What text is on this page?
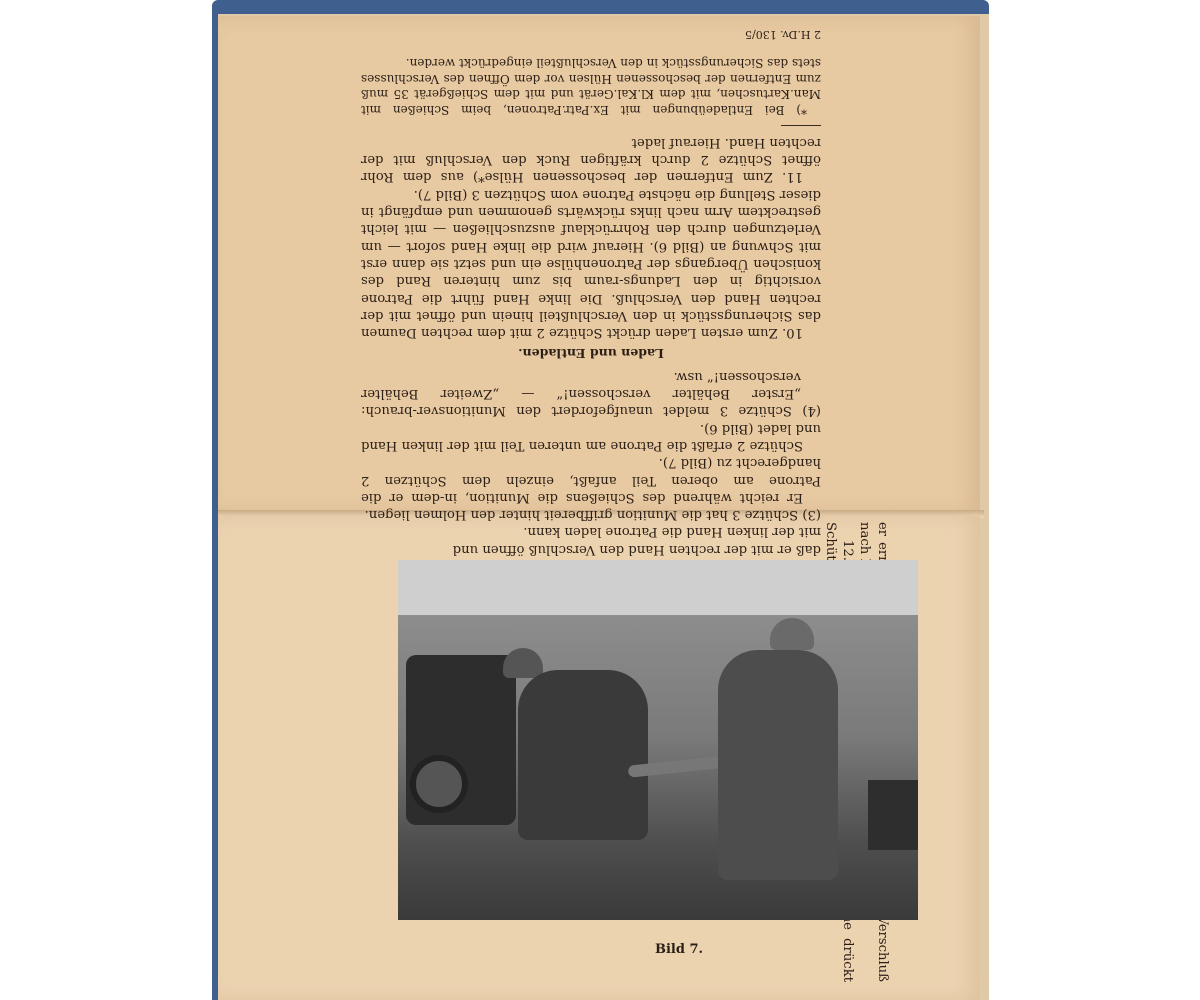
daß er mit der rechten Hand den Verschluß öffnen und

mit der linken Hand die Patrone laden kann.

(3) Schütze 3 hat die Munition griffbereit hinter den Holmen liegen.

Er reicht während des Schießens die Munition, in-dem er die Patrone am oberen Teil anfaßt, einzeln dem Schützen 2 handgerecht zu (Bild 7).

Schütze 2 erfaßt die Patrone am unteren Teil mit der linken Hand und ladet (Bild 6).

(4) Schütze 3 meldet unaufgefordert den Munitionsver-brauch: „Erster Behälter verschossen!“ — „Zweiter Behälter verschossen!“ usw.

Laden und Entladen.

10. Zum ersten Laden drückt Schütze 2 mit dem rechten Daumen das Sicherungsstück in den Verschlußteil hinein und öffnet mit der rechten Hand den Verschluß. Die linke Hand führt die Patrone vorsichtig in den Ladungs-raum bis zum hinteren Rand des konischen Übergangs der Patronenhülse ein und setzt sie dann erst mit Schwung an (Bild 6). Hierauf wird die linke Hand sofort — um Verletzungen durch den Rohrrücklauf auszuschließen — mit leicht gestrecktem Arm nach links rückwärts genommen und empfängt in dieser Stellung die nächste Patrone vom Schützen 3 (Bild 7).

11. Zum Entfernen der beschossenen Hülse*) aus dem Rohr öffnet Schütze 2 durch kräftigen Ruck den Verschluß mit der rechten Hand. Hierauf ladet

*) Bei Entladeübungen mit Ex.Patr.Patronen, beim Schießen mit Man.Kartuschen, mit dem Kl.Kal.Gerät und mit dem Schießgerät 35 muß zum Entfernen der beschossenen Hülsen vor dem Öffnen des Verschlusses stets das Sicherungsstück in den Verschlußteil eingedrückt werden.

2 H.Dv. 130/5

Bild 7.
